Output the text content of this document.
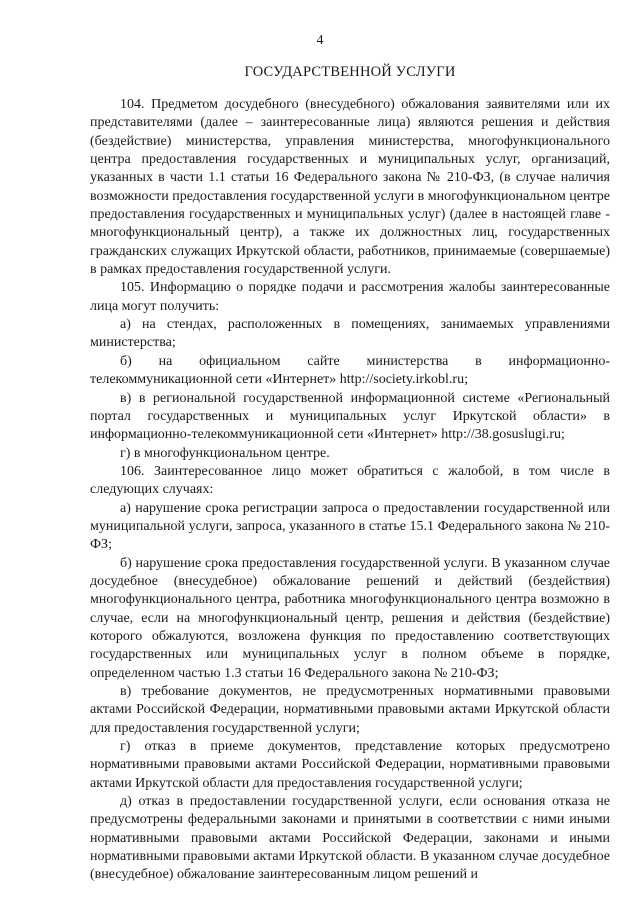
4
ГОСУДАРСТВЕННОЙ УСЛУГИ

104. Предметом досудебного (внесудебного) обжалования заявителями или их представителями (далее – заинтересованные лица) являются решения и действия (бездействие) министерства, управления министерства, многофункционального центра предоставления государственных и муниципальных услуг, организаций, указанных в части 1.1 статьи 16 Федерального закона № 210-ФЗ, (в случае наличия возможности предоставления государственной услуги в многофункциональном центре предоставления государственных и муниципальных услуг) (далее в настоящей главе - многофункциональный центр), а также их должностных лиц, государственных гражданских служащих Иркутской области, работников, принимаемые (совершаемые) в рамках предоставления государственной услуги.

105. Информацию о порядке подачи и рассмотрения жалобы заинтересованные лица могут получить:

а) на стендах, расположенных в помещениях, занимаемых управлениями министерства;

б) на официальном сайте министерства в информационно-телекоммуникационной сети «Интернет» http://society.irkobl.ru;

в) в региональной государственной информационной системе «Региональный портал государственных и муниципальных услуг Иркутской области» в информационно-телекоммуникационной сети «Интернет» http://38.gosuslugi.ru;

г) в многофункциональном центре.

106. Заинтересованное лицо может обратиться с жалобой, в том числе в следующих случаях:

а) нарушение срока регистрации запроса о предоставлении государственной или муниципальной услуги, запроса, указанного в статье 15.1 Федерального закона № 210-ФЗ;

б) нарушение срока предоставления государственной услуги. В указанном случае досудебное (внесудебное) обжалование решений и действий (бездействия) многофункционального центра, работника многофункционального центра возможно в случае, если на многофункциональный центр, решения и действия (бездействие) которого обжалуются, возложена функция по предоставлению соответствующих государственных или муниципальных услуг в полном объеме в порядке, определенном частью 1.3 статьи 16 Федерального закона № 210-ФЗ;

в) требование документов, не предусмотренных нормативными правовыми актами Российской Федерации, нормативными правовыми актами Иркутской области для предоставления государственной услуги;

г) отказ в приеме документов, представление которых предусмотрено нормативными правовыми актами Российской Федерации, нормативными правовыми актами Иркутской области для предоставления государственной услуги;

д) отказ в предоставлении государственной услуги, если основания отказа не предусмотрены федеральными законами и принятыми в соответствии с ними иными нормативными правовыми актами Российской Федерации, законами и иными нормативными правовыми актами Иркутской области. В указанном случае досудебное (внесудебное) обжалование заинтересованным лицом решений и
